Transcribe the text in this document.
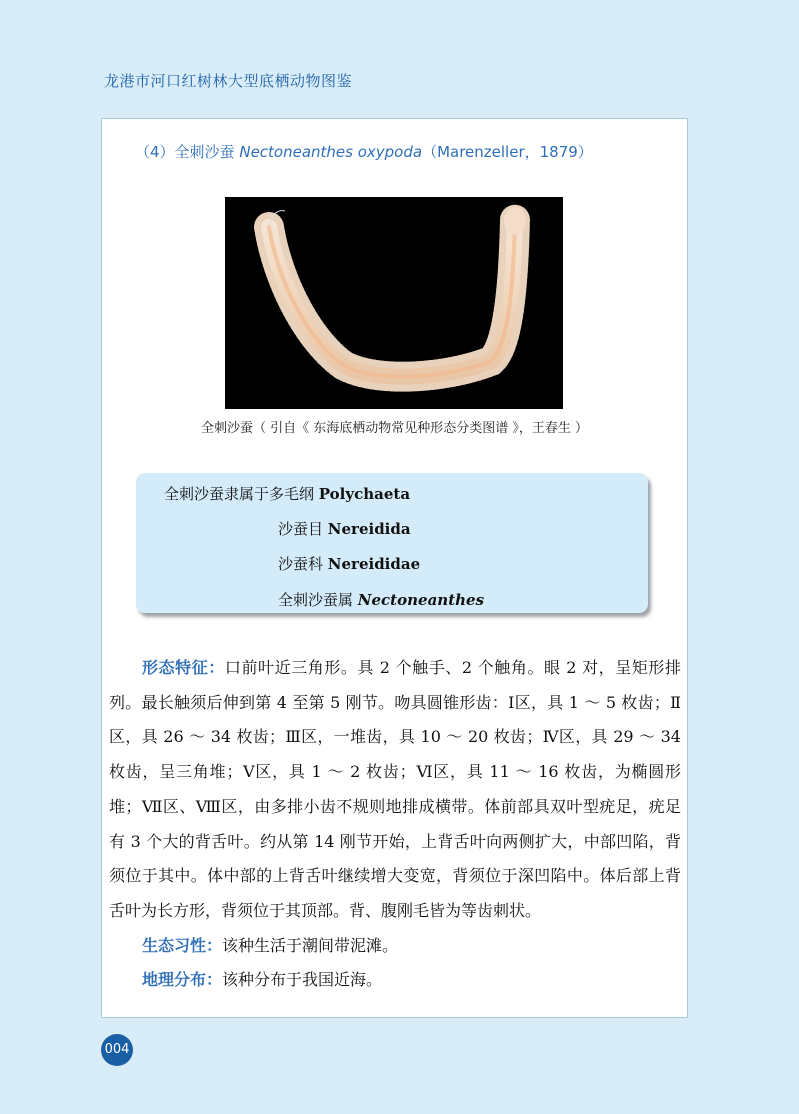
龙港市河口红树林大型底栖动物图鉴
（4）全刺沙蚕 Nectoneanthes oxypoda（Marenzeller，1879）
全刺沙蚕（ 引自《 东海底栖动物常见种形态分类图谱 》，王春生 ）
全刺沙蚕隶属于多毛纲 Polychaeta
沙蚕目 Nereidida
沙蚕科 Nereididae
全刺沙蚕属 Nectoneanthes

形态特征：口前叶近三角形。具 2 个触手、2 个触角。眼 2 对，呈矩形排列。最长触须后伸到第 4 至第 5 刚节。吻具圆锥形齿：Ⅰ区，具 1 ～ 5 枚齿；Ⅱ区，具 26 ～ 34 枚齿；Ⅲ区，一堆齿，具 10 ～ 20 枚齿；Ⅳ区，具 29 ～ 34 枚齿，呈三角堆；Ⅴ区，具 1 ～ 2 枚齿；Ⅵ区，具 11 ～ 16 枚齿，为椭圆形堆；Ⅶ区、Ⅷ区，由多排小齿不规则地排成横带。体前部具双叶型疣足，疣足有 3 个大的背舌叶。约从第 14 刚节开始，上背舌叶向两侧扩大，中部凹陷，背须位于其中。体中部的上背舌叶继续增大变宽，背须位于深凹陷中。体后部上背舌叶为长方形，背须位于其顶部。背、腹刚毛皆为等齿刺状。

生态习性：该种生活于潮间带泥滩。

地理分布：该种分布于我国近海。

004
